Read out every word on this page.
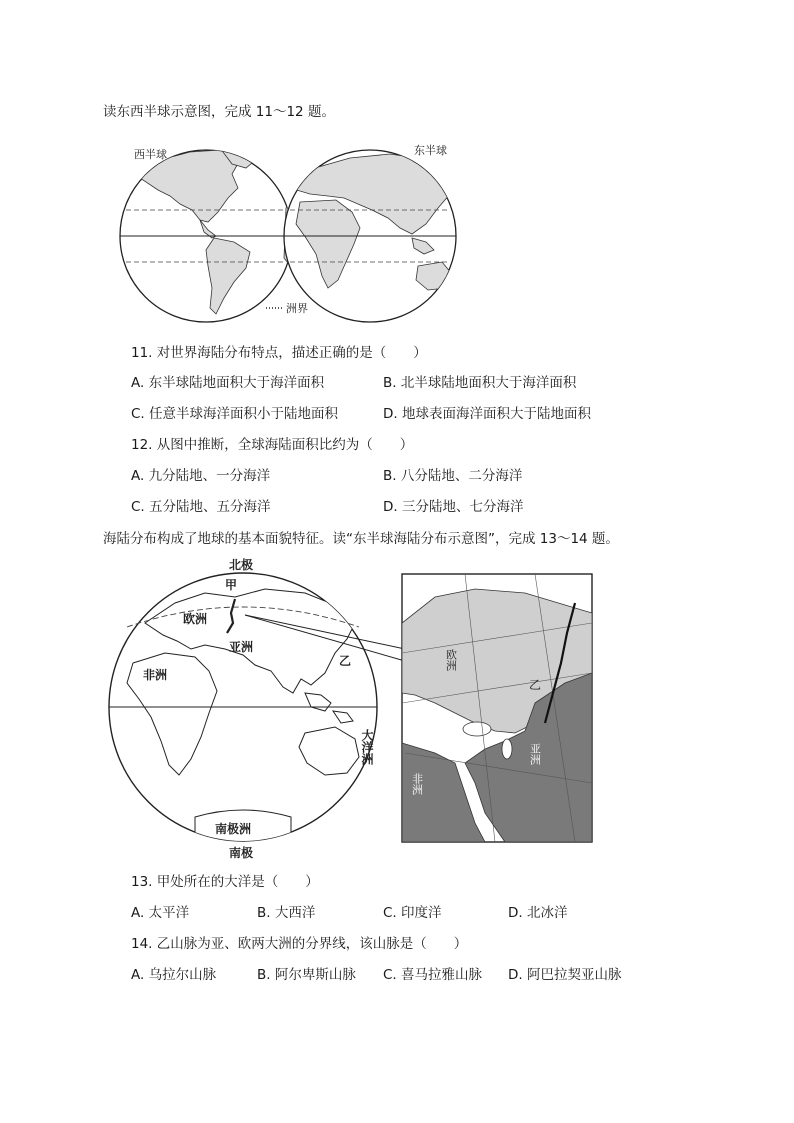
读东西半球示意图，完成 11～12 题。
西半球	东半球
洲界
11. 对世界海陆分布特点，描述正确的是（　　）
A. 东半球陆地面积大于海洋面积	B. 北半球陆地面积大于海洋面积
C. 任意半球海洋面积小于陆地面积	D. 地球表面海洋面积大于陆地面积
12. 从图中推断，全球海陆面积比约为（　　）
A. 九分陆地、一分海洋	B. 八分陆地、二分海洋
C. 五分陆地、五分海洋	D. 三分陆地、七分海洋
海陆分布构成了地球的基本面貌特征。读“东半球海陆分布示意图”，完成 13～14 题。
北极
甲
欧洲
亚洲
非洲
乙
大洋洲
南极洲
南极
欧洲
乙
亚洲
非洲
13. 甲处所在的大洋是（　　）
A. 太平洋	B. 大西洋	C. 印度洋	D. 北冰洋
14. 乙山脉为亚、欧两大洲的分界线，该山脉是（　　）
A. 乌拉尔山脉	B. 阿尔卑斯山脉 C. 喜马拉雅山脉 D. 阿巴拉契亚山脉
